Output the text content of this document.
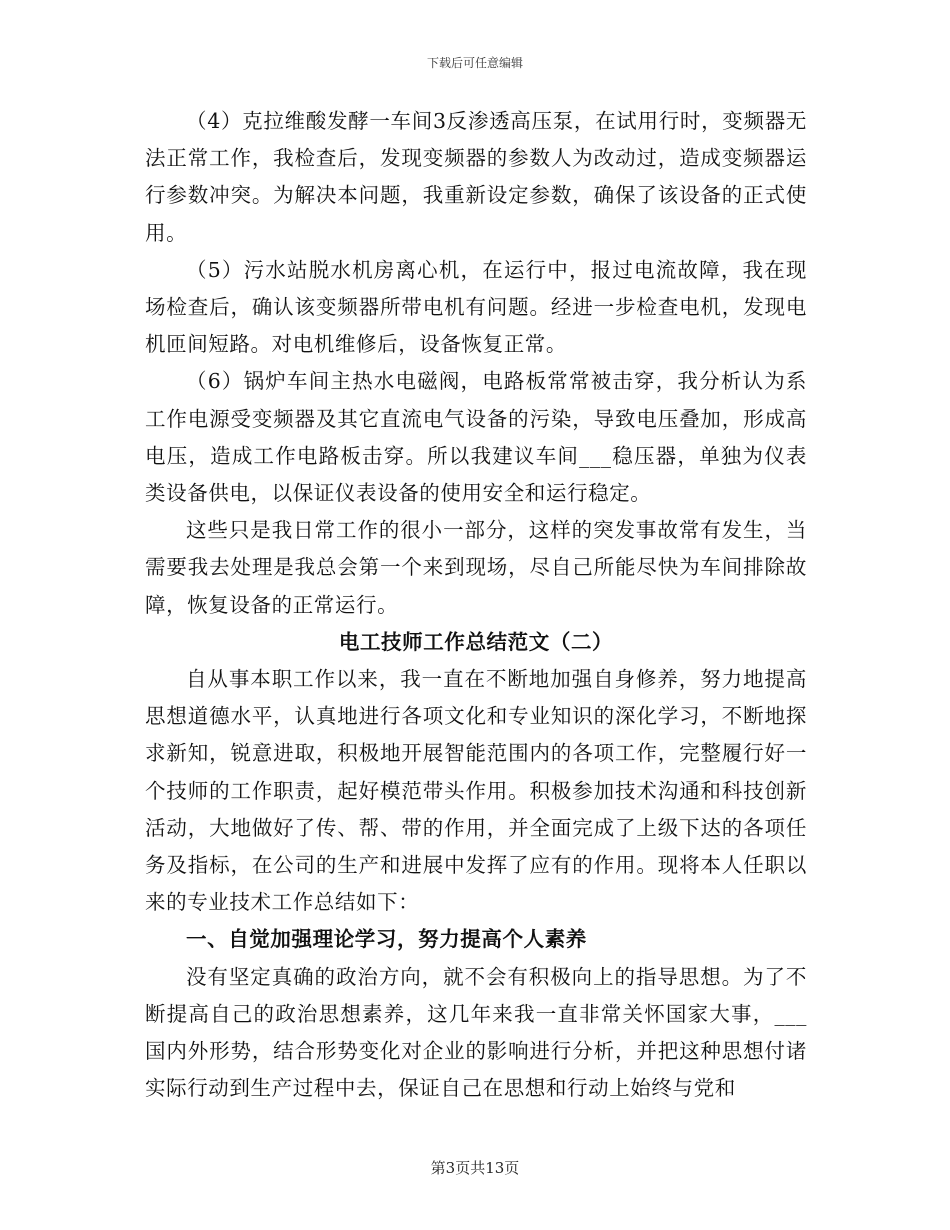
下载后可任意编辑

（4）克拉维酸发酵一车间3反渗透高压泵，在试用行时，变频器无法正常工作，我检查后，发现变频器的参数人为改动过，造成变频器运行参数冲突。为解决本问题，我重新设定参数，确保了该设备的正式使用。

（5）污水站脱水机房离心机，在运行中，报过电流故障，我在现场检查后，确认该变频器所带电机有问题。经进一步检查电机，发现电机匝间短路。对电机维修后，设备恢复正常。

（6）锅炉车间主热水电磁阀，电路板常常被击穿，我分析认为系工作电源受变频器及其它直流电气设备的污染，导致电压叠加，形成高电压，造成工作电路板击穿。所以我建议车间___稳压器，单独为仪表类设备供电，以保证仪表设备的使用安全和运行稳定。

这些只是我日常工作的很小一部分，这样的突发事故常有发生，当需要我去处理是我总会第一个来到现场，尽自己所能尽快为车间排除故障，恢复设备的正常运行。

电工技师工作总结范文（二）

自从事本职工作以来，我一直在不断地加强自身修养，努力地提高思想道德水平，认真地进行各项文化和专业知识的深化学习，不断地探求新知，锐意进取，积极地开展智能范围内的各项工作，完整履行好一个技师的工作职责，起好模范带头作用。积极参加技术沟通和科技创新活动，大地做好了传、帮、带的作用，并全面完成了上级下达的各项任务及指标，在公司的生产和进展中发挥了应有的作用。现将本人任职以来的专业技术工作总结如下：

一、自觉加强理论学习，努力提高个人素养

没有坚定真确的政治方向，就不会有积极向上的指导思想。为了不断提高自己的政治思想素养，这几年来我一直非常关怀国家大事，___国内外形势，结合形势变化对企业的影响进行分析，并把这种思想付诸实际行动到生产过程中去，保证自己在思想和行动上始终与党和

第3页共13页
